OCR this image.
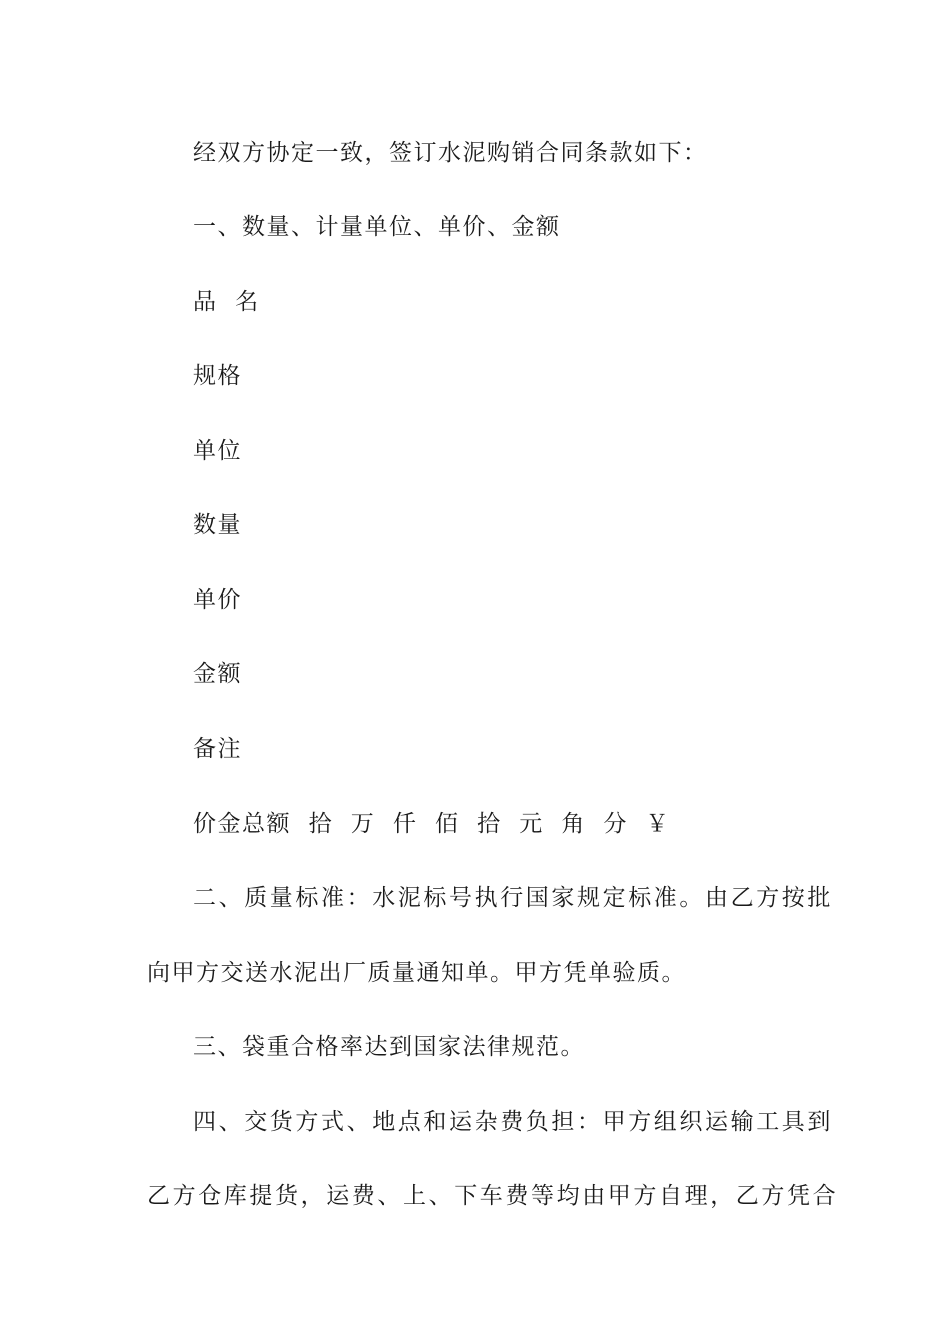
经双方协定一致，签订水泥购销合同条款如下：

一、数量、计量单位、单价、金额

品  名

规格

单位

数量

单价

金额

备注

价金总额  拾  万  仟  佰  拾  元  角  分  ￥

二、质量标准：水泥标号执行国家规定标准。由乙方按批

向甲方交送水泥出厂质量通知单。甲方凭单验质。

三、袋重合格率达到国家法律规范。

四、交货方式、地点和运杂费负担：甲方组织运输工具到

乙方仓库提货，运费、上、下车费等均由甲方自理，乙方凭合
